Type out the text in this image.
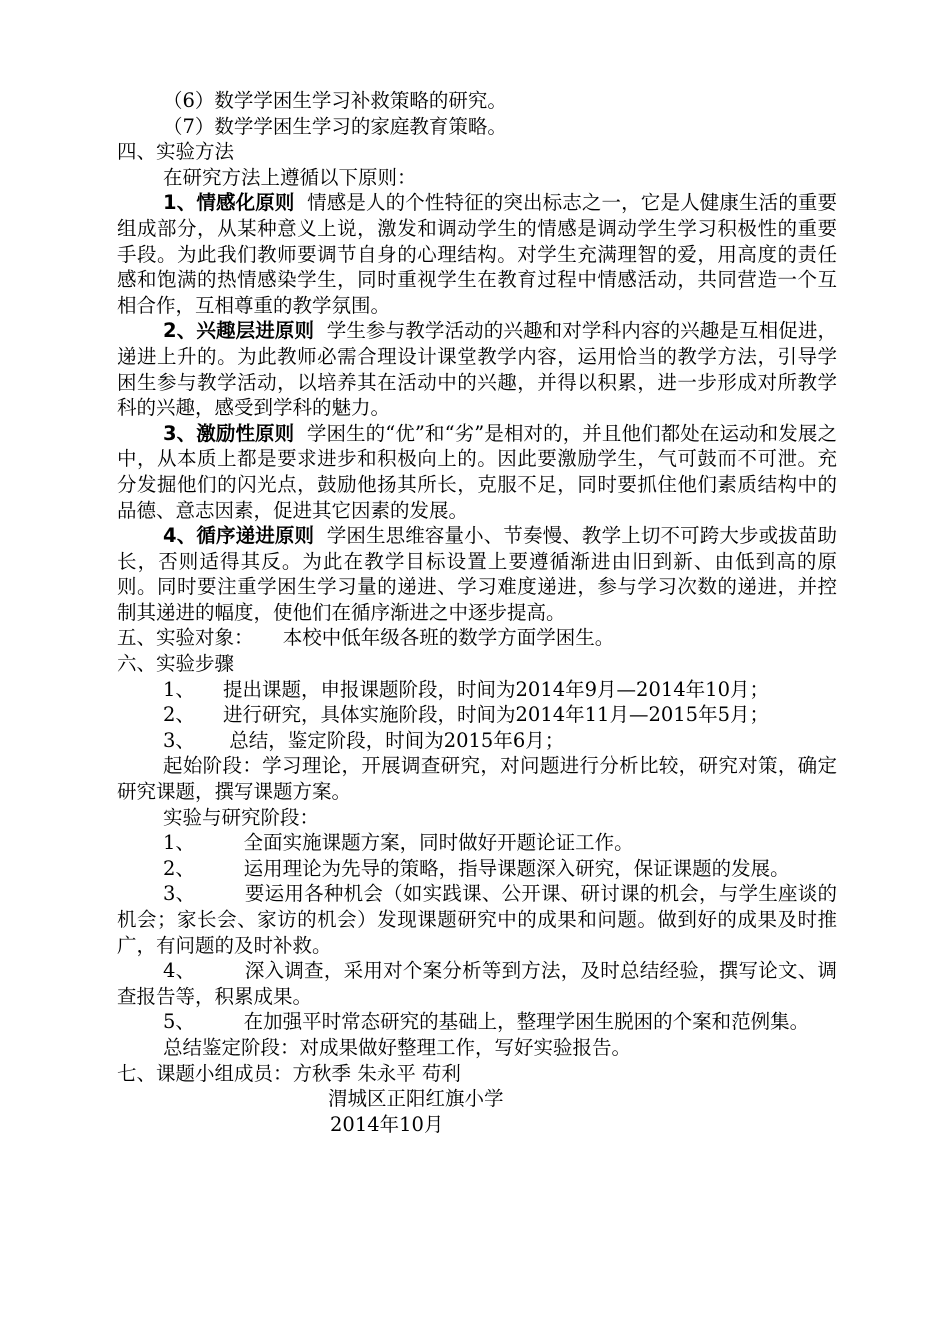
（6）数学学困生学习补救策略的研究。

（7）数学学困生学习的家庭教育策略。

四、实验方法

在研究方法上遵循以下原则：

1、情感化原则 情感是人的个性特征的突出标志之一，它是人健康生活的重要组成部分，从某种意义上说，激发和调动学生的情感是调动学生学习积极性的重要手段。为此我们教师要调节自身的心理结构。对学生充满理智的爱，用高度的责任感和饱满的热情感染学生，同时重视学生在教育过程中情感活动，共同营造一个互相合作，互相尊重的教学氛围。

2、兴趣层进原则 学生参与教学活动的兴趣和对学科内容的兴趣是互相促进，递进上升的。为此教师必需合理设计课堂教学内容，运用恰当的教学方法，引导学困生参与教学活动，以培养其在活动中的兴趣，并得以积累，进一步形成对所教学科的兴趣，感受到学科的魅力。

3、激励性原则 学困生的“优”和“劣”是相对的，并且他们都处在运动和发展之中，从本质上都是要求进步和积极向上的。因此要激励学生，气可鼓而不可泄。充分发掘他们的闪光点，鼓励他扬其所长，克服不足，同时要抓住他们素质结构中的品德、意志因素，促进其它因素的发展。

4、循序递进原则 学困生思维容量小、节奏慢、教学上切不可跨大步或拔苗助长，否则适得其反。为此在教学目标设置上要遵循渐进由旧到新、由低到高的原则。同时要注重学困生学习量的递进、学习难度递进，参与学习次数的递进，并控制其递进的幅度，使他们在循序渐进之中逐步提高。

五、实验对象：　　本校中低年级各班的数学方面学困生。

六、实验步骤

1、 提出课题，申报课题阶段，时间为2014年9月—2014年10月；
2、 进行研究，具体实施阶段，时间为2014年11月—2015年5月；
3、 总结，鉴定阶段，时间为2015年6月；

起始阶段：学习理论，开展调查研究，对问题进行分析比较，研究对策，确定研究课题，撰写课题方案。

实验与研究阶段：

1、　　　全面实施课题方案，同时做好开题论证工作。

2、　　　运用理论为先导的策略，指导课题深入研究，保证课题的发展。

3、　　　要运用各种机会（如实践课、公开课、研讨课的机会，与学生座谈的机会；家长会、家访的机会）发现课题研究中的成果和问题。做到好的成果及时推广，有问题的及时补救。

4、　　　深入调查，采用对个案分析等到方法，及时总结经验，撰写论文、调查报告等，积累成果。

5、　　　在加强平时常态研究的基础上，整理学困生脱困的个案和范例集。

总结鉴定阶段：对成果做好整理工作，写好实验报告。

七、课题小组成员：方秋季 朱永平 苟利

渭城区正阳红旗小学

2014年10月
